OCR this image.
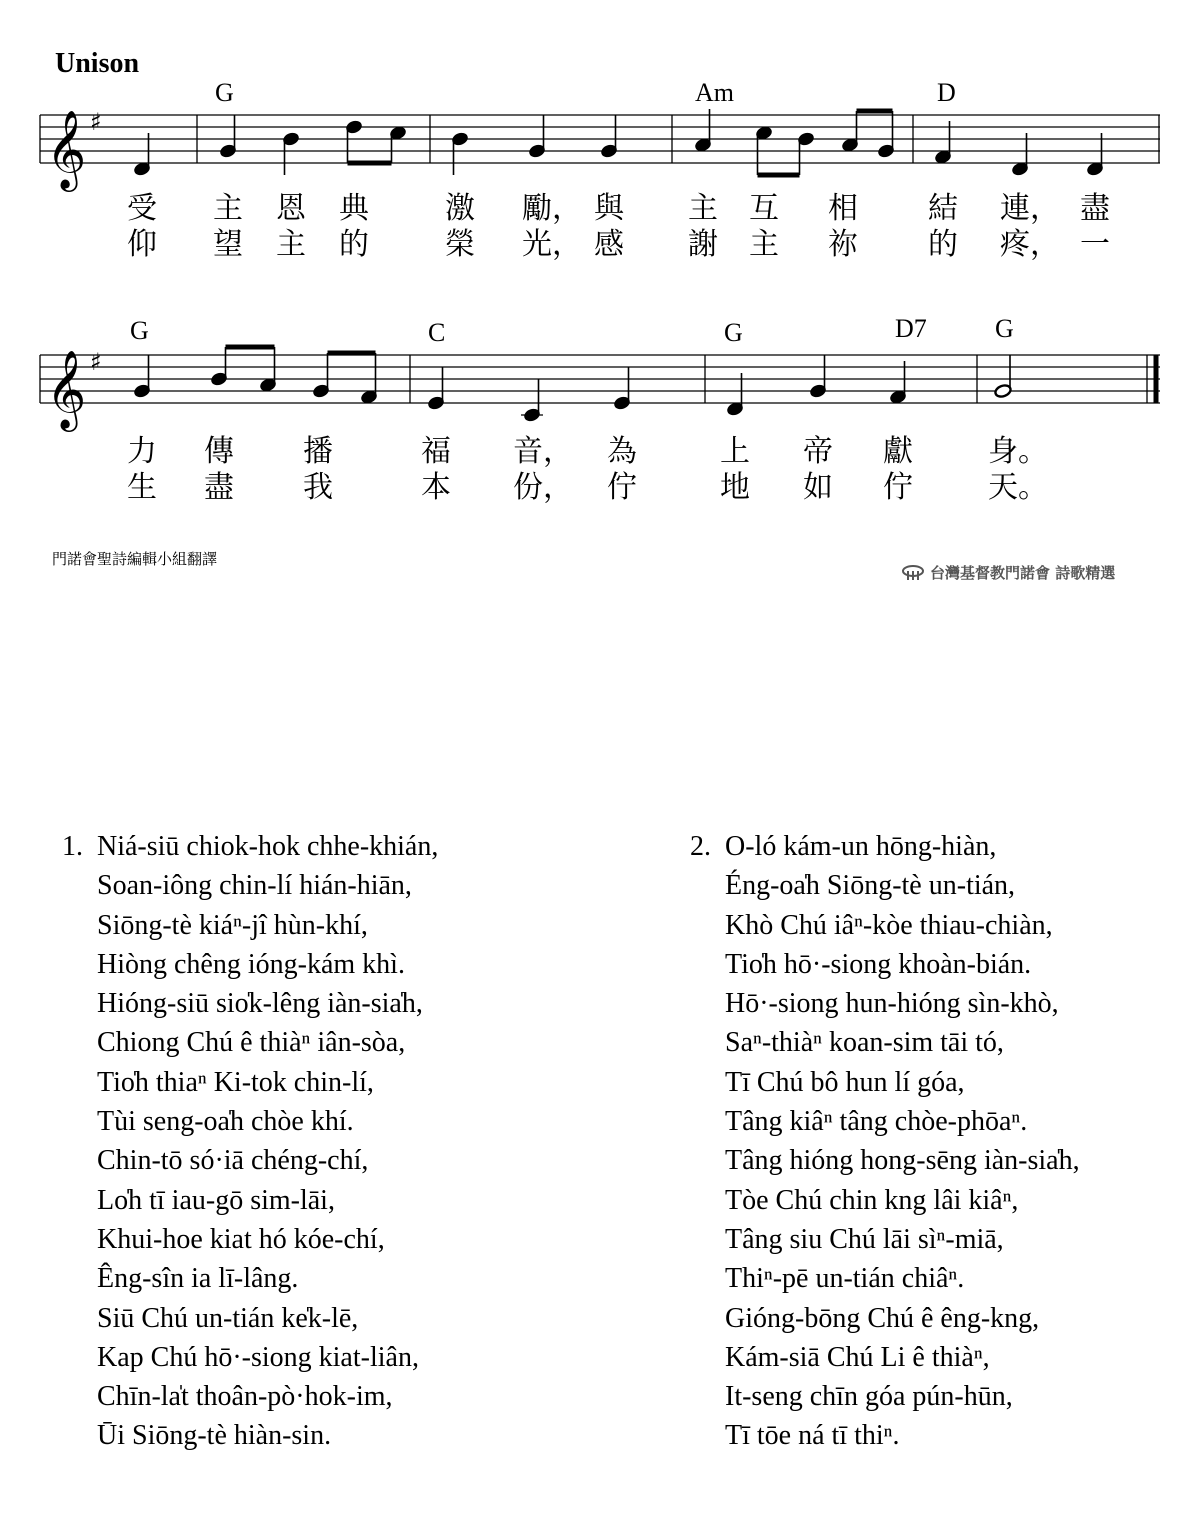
Unison
G	Am	D
𝄞 ♯
受 主 恩 典	激 勵， 與 主 互 相 結 連， 盡
仰 望 主 的	榮 光， 感 謝 主 祢 的 疼， 一
G	C	G	D7	G
𝄞 ♯
力 傳 播	福 音， 為	上 帝 獻	身。
生 盡 我	本 份， 佇	地 如 佇	天。
門諾會聖詩編輯小組翻譯
台灣基督教門諾會 詩歌精選
1. Niá-siū chiok-hok chhe-khián,
Soan-iông chin-lí hián-hiān,
Siōng-tè kiáⁿ-jî hùn-khí,
Hiòng chêng ióng-kám khì.
Hióng-siū sio̍k-lêng iàn-sia̍h,
Chiong Chú ê thiàⁿ iân-sòa,
Tio̍h thiaⁿ Ki-tok chin-lí,
Tùi seng-oa̍h chòe khí.
Chin-tō só·iā chéng-chí,
Lo̍h tī iau-gō sim-lāi,
Khui-hoe kiat hó kóe-chí,
Êng-sîn ia lī-lâng.
Siū Chú un-tián ke̍k-lē,
Kap Chú hō·-siong kiat-liân,
Chīn-la̍t thoân-pò·hok-im,
Ūi Siōng-tè hiàn-sin.
2. O-ló kám-un hōng-hiàn,
Éng-oa̍h Siōng-tè un-tián,
Khò Chú iâⁿ-kòe thiau-chiàn,
Tio̍h hō·-siong khoàn-bián.
Hō·-siong hun-hióng sìn-khò,
Saⁿ-thiàⁿ koan-sim tāi tó,
Tī Chú bô hun lí góa,
Tâng kiâⁿ tâng chòe-phōaⁿ.
Tâng hióng hong-sēng iàn-sia̍h,
Tòe Chú chin kng lâi kiâⁿ,
Tâng siu Chú lāi sìⁿ-miā,
Thiⁿ-pē un-tián chiâⁿ.
Gióng-bōng Chú ê êng-kng,
Kám-siā Chú Li ê thiàⁿ,
It-seng chīn góa pún-hūn,
Tī tōe ná tī thiⁿ.
